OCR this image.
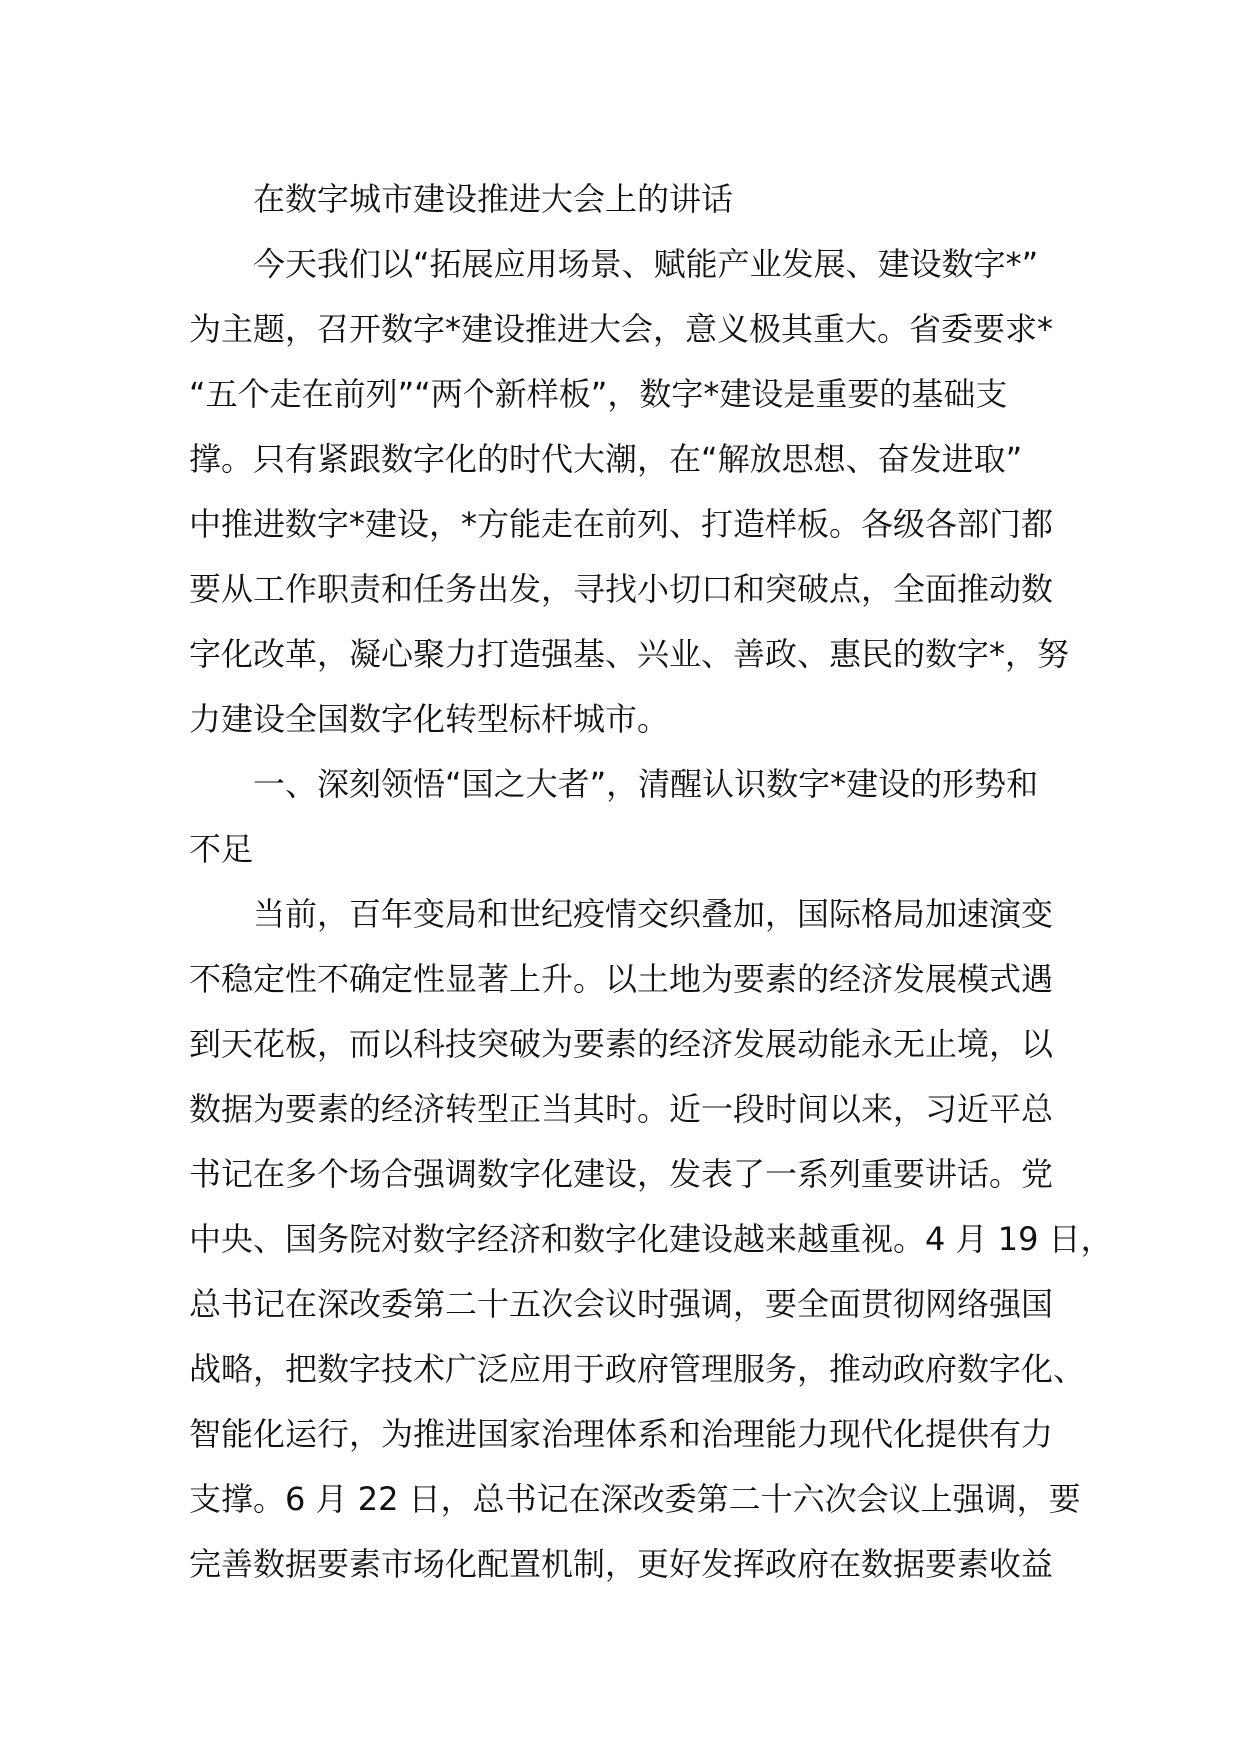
在数字城市建设推进大会上的讲话
今天我们以“拓展应用场景、赋能产业发展、建设数字*”
为主题，召开数字*建设推进大会，意义极其重大。省委要求*
“五个走在前列”“两个新样板”，数字*建设是重要的基础支
撑。只有紧跟数字化的时代大潮，在“解放思想、奋发进取”
中推进数字*建设，*方能走在前列、打造样板。各级各部门都
要从工作职责和任务出发，寻找小切口和突破点，全面推动数
字化改革，凝心聚力打造强基、兴业、善政、惠民的数字*，努
力建设全国数字化转型标杆城市。
一、深刻领悟“国之大者”，清醒认识数字*建设的形势和
不足
当前，百年变局和世纪疫情交织叠加，国际格局加速演变
不稳定性不确定性显著上升。以土地为要素的经济发展模式遇
到天花板，而以科技突破为要素的经济发展动能永无止境，以
数据为要素的经济转型正当其时。近一段时间以来，习近平总
书记在多个场合强调数字化建设，发表了一系列重要讲话。党
中央、国务院对数字经济和数字化建设越来越重视。4 月 19 日，
总书记在深改委第二十五次会议时强调，要全面贯彻网络强国
战略，把数字技术广泛应用于政府管理服务，推动政府数字化、
智能化运行，为推进国家治理体系和治理能力现代化提供有力
支撑。6 月 22 日，总书记在深改委第二十六次会议上强调，要
完善数据要素市场化配置机制，更好发挥政府在数据要素收益
